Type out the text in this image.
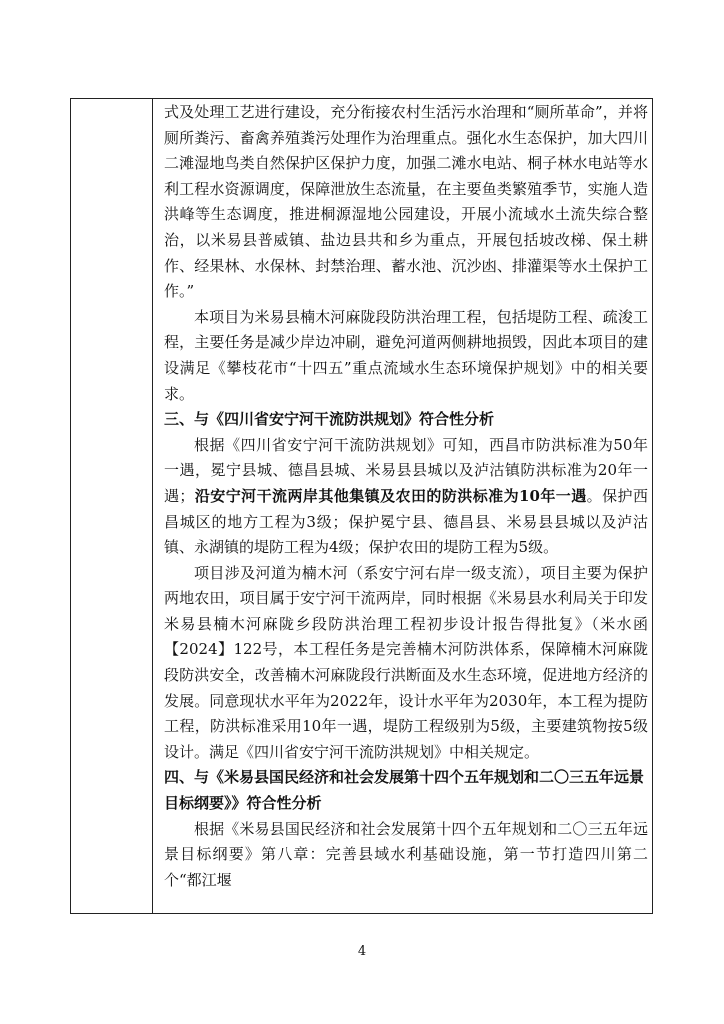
式及处理工艺进行建设，充分衔接农村生活污水治理和“厕所革命”，并将厕所粪污、畜禽养殖粪污处理作为治理重点。强化水生态保护，加大四川二滩湿地鸟类自然保护区保护力度，加强二滩水电站、桐子林水电站等水利工程水资源调度，保障泄放生态流量，在主要鱼类繁殖季节，实施人造洪峰等生态调度，推进桐源湿地公园建设，开展小流域水土流失综合整治，以米易县普威镇、盐边县共和乡为重点，开展包括坡改梯、保土耕作、经果林、水保林、封禁治理、蓄水池、沉沙凼、排灌渠等水土保护工作。”

本项目为米易县楠木河麻陇段防洪治理工程，包括堤防工程、疏浚工程，主要任务是减少岸边冲刷，避免河道两侧耕地损毁，因此本项目的建设满足《攀枝花市“十四五”重点流域水生态环境保护规划》中的相关要求。

三、与《四川省安宁河干流防洪规划》符合性分析

根据《四川省安宁河干流防洪规划》可知，西昌市防洪标准为50年一遇，冕宁县城、德昌县城、米易县县城以及泸沽镇防洪标准为20年一遇；沿安宁河干流两岸其他集镇及农田的防洪标准为10年一遇。保护西昌城区的地方工程为3级；保护冕宁县、德昌县、米易县县城以及泸沽镇、永湖镇的堤防工程为4级；保护农田的堤防工程为5级。

项目涉及河道为楠木河（系安宁河右岸一级支流），项目主要为保护两地农田，项目属于安宁河干流两岸，同时根据《米易县水利局关于印发米易县楠木河麻陇乡段防洪治理工程初步设计报告得批复》（米水函【2024】122号，本工程任务是完善楠木河防洪体系，保障楠木河麻陇段防洪安全，改善楠木河麻陇段行洪断面及水生态环境，促进地方经济的发展。同意现状水平年为2022年，设计水平年为2030年，本工程为提防工程，防洪标准采用10年一遇，堤防工程级别为5级，主要建筑物按5级设计。满足《四川省安宁河干流防洪规划》中相关规定。

四、与《米易县国民经济和社会发展第十四个五年规划和二〇三五年远景目标纲要》》符合性分析

根据《米易县国民经济和社会发展第十四个五年规划和二〇三五年远景目标纲要》第八章：完善县域水利基础设施，第一节打造四川第二个“都江堰

4
